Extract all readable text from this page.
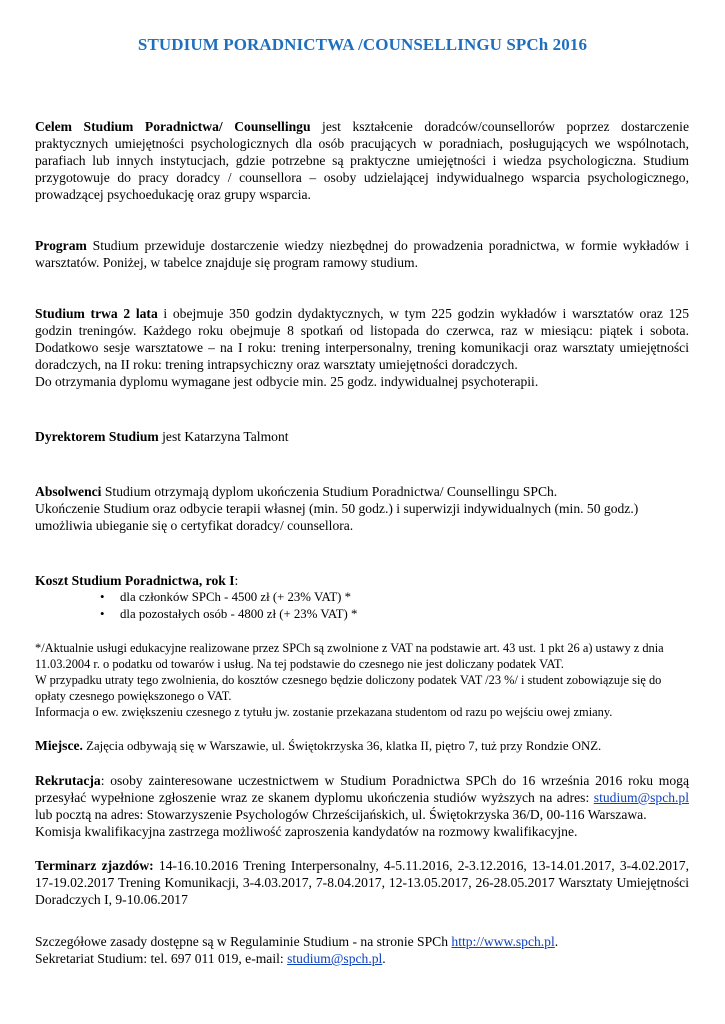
STUDIUM PORADNICTWA /COUNSELLINGU SPCh 2016

Celem Studium Poradnictwa/ Counsellingu jest kształcenie doradców/counsellorów poprzez dostarczenie praktycznych umiejętności psychologicznych dla osób pracujących w poradniach, posługujących we wspólnotach, parafiach lub innych instytucjach, gdzie potrzebne są praktyczne umiejętności i wiedza psychologiczna. Studium przygotowuje do pracy doradcy / counsellora – osoby udzielającej indywidualnego wsparcia psychologicznego, prowadzącej psychoedukację oraz grupy wsparcia.

Program Studium przewiduje dostarczenie wiedzy niezbędnej do prowadzenia poradnictwa, w formie wykładów i warsztatów. Poniżej, w tabelce znajduje się program ramowy studium.

Studium trwa 2 lata i obejmuje 350 godzin dydaktycznych, w tym 225 godzin wykładów i warsztatów oraz 125 godzin treningów. Każdego roku obejmuje 8 spotkań od listopada do czerwca, raz w miesiącu: piątek i sobota. Dodatkowo sesje warsztatowe – na I roku: trening interpersonalny, trening komunikacji oraz warsztaty umiejętności doradczych, na II roku: trening intrapsychiczny oraz warsztaty umiejętności doradczych.

Do otrzymania dyplomu wymagane jest odbycie min. 25 godz. indywidualnej psychoterapii.

Dyrektorem Studium jest Katarzyna Talmont

Absolwenci Studium otrzymają dyplom ukończenia Studium Poradnictwa/ Counsellingu SPCh.

Ukończenie Studium oraz odbycie terapii własnej (min. 50 godz.) i superwizji indywidualnych (min. 50 godz.) umożliwia ubieganie się o certyfikat doradcy/ counsellora.

Koszt Studium Poradnictwa, rok I:

• dla członków SPCh - 4500 zł (+ 23% VAT) *
• dla pozostałych osób - 4800 zł (+ 23% VAT) *

*/Aktualnie usługi edukacyjne realizowane przez SPCh są zwolnione z VAT na podstawie art. 43 ust. 1 pkt 26 a) ustawy z dnia 11.03.2004 r. o podatku od towarów i usług. Na tej podstawie do czesnego nie jest doliczany podatek VAT.

W przypadku utraty tego zwolnienia, do kosztów czesnego będzie doliczony podatek VAT /23 %/ i student zobowiązuje się do opłaty czesnego powiększonego o VAT.

Informacja o ew. zwiększeniu czesnego z tytułu jw. zostanie przekazana studentom od razu po wejściu owej zmiany.

Miejsce. Zajęcia odbywają się w Warszawie, ul. Świętokrzyska 36, klatka II, piętro 7, tuż przy Rondzie ONZ.

Rekrutacja: osoby zainteresowane uczestnictwem w Studium Poradnictwa SPCh do 16 września 2016 roku mogą przesyłać wypełnione zgłoszenie wraz ze skanem dyplomu ukończenia studiów wyższych na adres: studium@spch.pl lub pocztą na adres: Stowarzyszenie Psychologów Chrześcijańskich, ul. Świętokrzyska 36/D, 00-116 Warszawa.

Komisja kwalifikacyjna zastrzega możliwość zaproszenia kandydatów na rozmowy kwalifikacyjne.

Terminarz zjazdów: 14-16.10.2016 Trening Interpersonalny, 4-5.11.2016, 2-3.12.2016, 13-14.01.2017, 3-4.02.2017, 17-19.02.2017 Trening Komunikacji, 3-4.03.2017, 7-8.04.2017, 12-13.05.2017, 26-28.05.2017 Warsztaty Umiejętności Doradczych I, 9-10.06.2017

Szczegółowe zasady dostępne są w Regulaminie Studium - na stronie SPCh http://www.spch.pl.

Sekretariat Studium: tel. 697 011 019, e-mail: studium@spch.pl.
